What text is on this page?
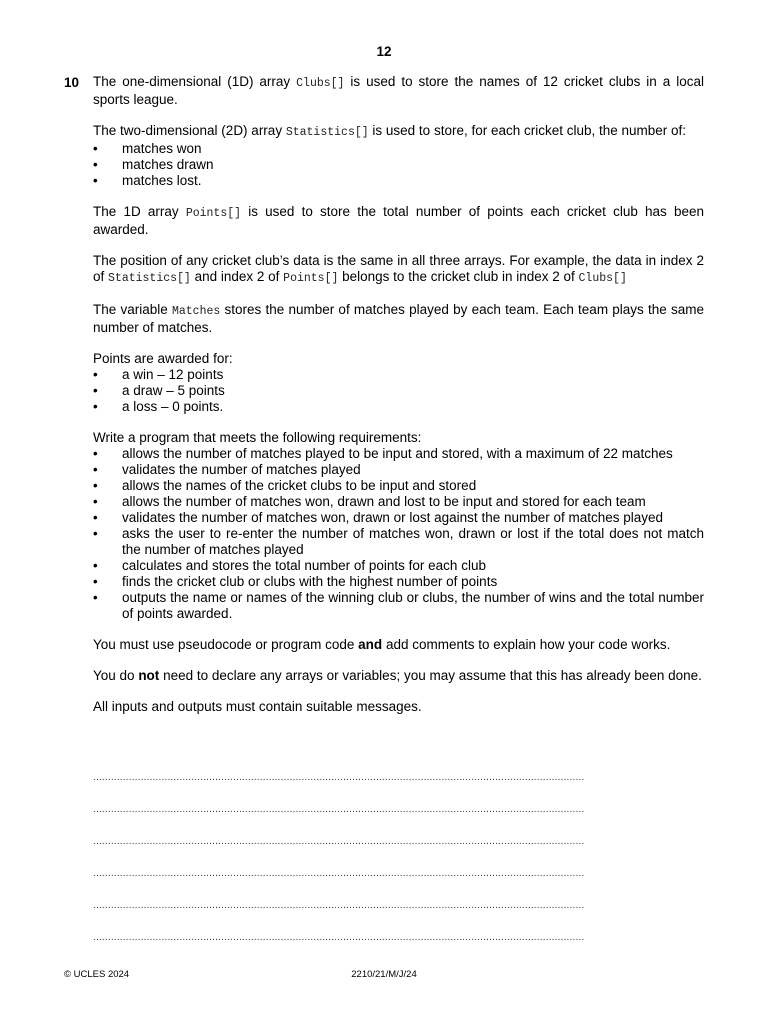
12
10 The one-dimensional (1D) array Clubs[] is used to store the names of 12 cricket clubs in a local sports league.

The two-dimensional (2D) array Statistics[] is used to store, for each cricket club, the number of:

• matches won
• matches drawn
• matches lost.

The 1D array Points[] is used to store the total number of points each cricket club has been awarded.

The position of any cricket club’s data is the same in all three arrays. For example, the data in index 2 of Statistics[] and index 2 of Points[] belongs to the cricket club in index 2 of Clubs[]

The variable Matches stores the number of matches played by each team. Each team plays the same number of matches.

Points are awarded for:

• a win – 12 points
• a draw – 5 points
• a loss – 0 points.

Write a program that meets the following requirements:

• allows the number of matches played to be input and stored, with a maximum of 22 matches
• validates the number of matches played
• allows the names of the cricket clubs to be input and stored
• allows the number of matches won, drawn and lost to be input and stored for each team
• validates the number of matches won, drawn or lost against the number of matches played
• asks the user to re-enter the number of matches won, drawn or lost if the total does not match the number of matches played
• calculates and stores the total number of points for each club
• finds the cricket club or clubs with the highest number of points
• outputs the name or names of the winning club or clubs, the number of wins and the total number of points awarded.

You must use pseudocode or program code and add comments to explain how your code works.

You do not need to declare any arrays or variables; you may assume that this has already been done.

All inputs and outputs must contain suitable messages.

.....................................................................................................................................................................
.....................................................................................................................................................................
.....................................................................................................................................................................
.....................................................................................................................................................................
.....................................................................................................................................................................
.....................................................................................................................................................................
© UCLES 2024	2210/21/M/J/24
